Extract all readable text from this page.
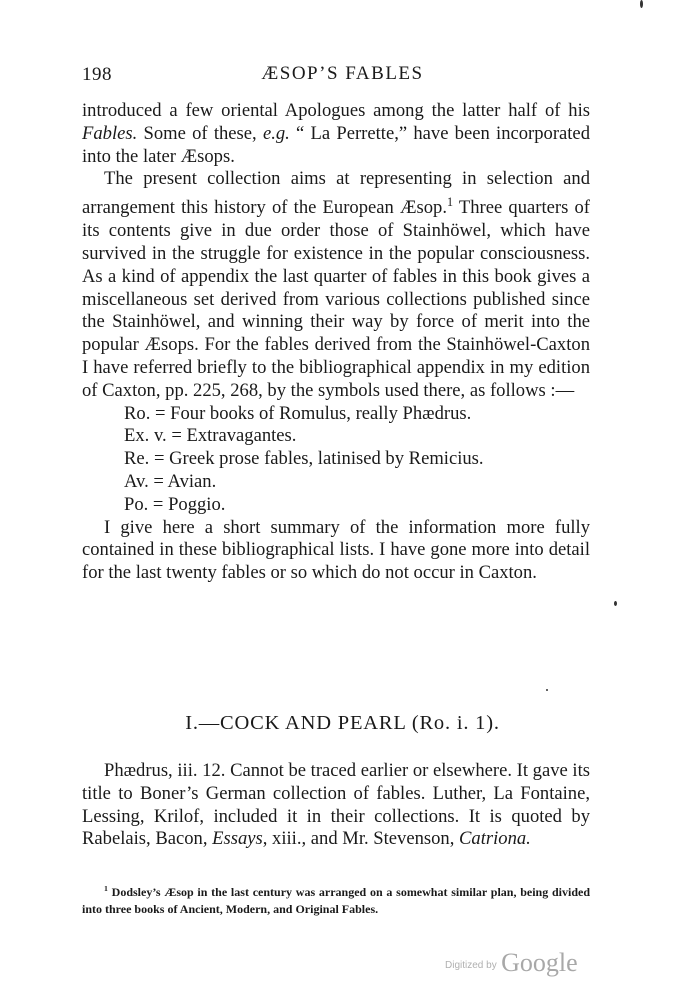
198	ÆSOP’S FABLES

introduced a few oriental Apologues among the latter half of his Fables. Some of these, e.g. “ La Perrette,” have been incorporated into the later Æsops.

The present collection aims at representing in selection and arrangement this history of the European Æsop.$^1$ Three quarters of its contents give in due order those of Stainhöwel, which have survived in the struggle for existence in the popular consciousness. As a kind of appendix the last quarter of fables in this book gives a miscellaneous set derived from various collections published since the Stainhöwel, and winning their way by force of merit into the popular Æsops. For the fables derived from the Stainhöwel-Caxton I have referred briefly to the bibliographical appendix in my edition of Caxton, pp. 225, 268, by the symbols used there, as follows :—

Ro. = Four books of Romulus, really Phædrus.
Ex. v. = Extravagantes.
Re. = Greek prose fables, latinised by Remicius.
Av. = Avian.
Po. = Poggio.

I give here a short summary of the information more fully contained in these bibliographical lists. I have gone more into detail for the last twenty fables or so which do not occur in Caxton.

I.—COCK AND PEARL (Ro. i. 1).

Phædrus, iii. 12. Cannot be traced earlier or elsewhere. It gave its title to Boner’s German collection of fables. Luther, La Fontaine, Lessing, Krilof, included it in their collections. It is quoted by Rabelais, Bacon, Essays, xiii., and Mr. Stevenson, Catriona.

$^1$ Dodsley’s Æsop in the last century was arranged on a somewhat similar plan, being divided into three books of Ancient, Modern, and Original Fables.

Digitized by Google
